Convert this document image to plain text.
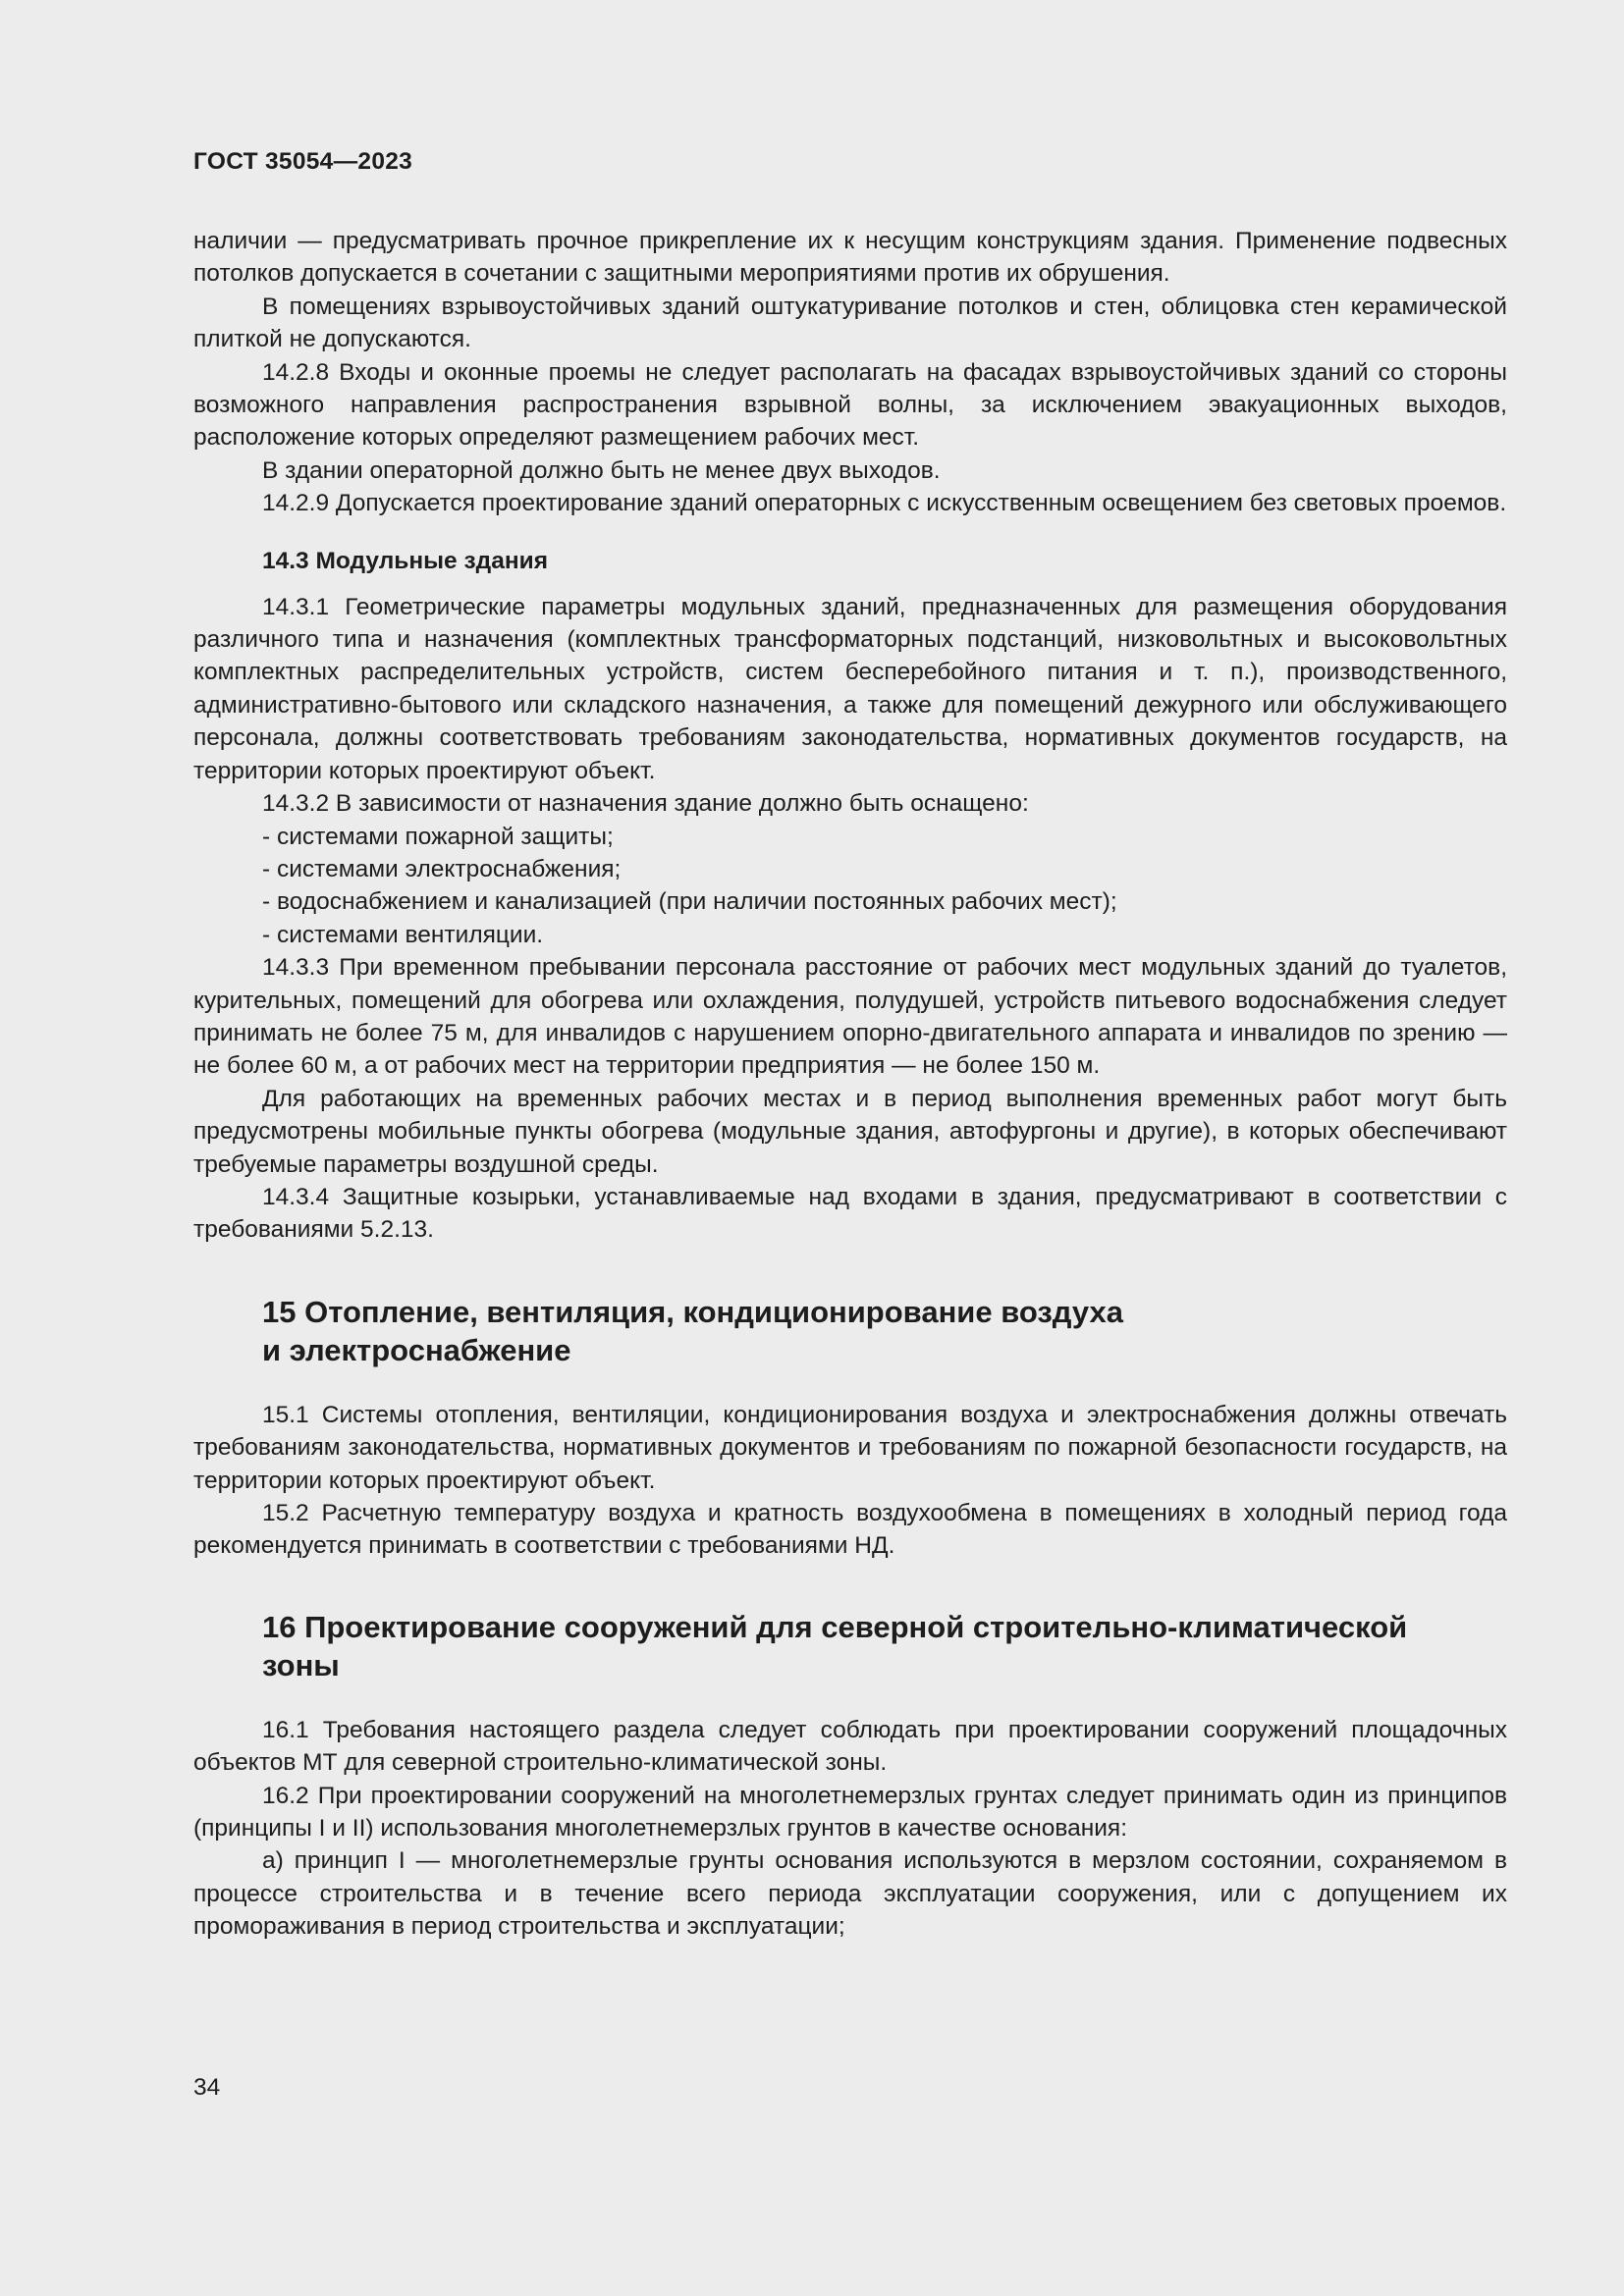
ГОСТ 35054—2023

наличии — предусматривать прочное прикрепление их к несущим конструкциям здания. Применение подвесных потолков допускается в сочетании с защитными мероприятиями против их обрушения.

В помещениях взрывоустойчивых зданий оштукатуривание потолков и стен, облицовка стен керамической плиткой не допускаются.

14.2.8 Входы и оконные проемы не следует располагать на фасадах взрывоустойчивых зданий со стороны возможного направления распространения взрывной волны, за исключением эвакуационных выходов, расположение которых определяют размещением рабочих мест.

В здании операторной должно быть не менее двух выходов.

14.2.9 Допускается проектирование зданий операторных с искусственным освещением без световых проемов.

14.3 Модульные здания

14.3.1 Геометрические параметры модульных зданий, предназначенных для размещения оборудования различного типа и назначения (комплектных трансформаторных подстанций, низковольтных и высоковольтных комплектных распределительных устройств, систем бесперебойного питания и т. п.), производственного, административно-бытового или складского назначения, а также для помещений дежурного или обслуживающего персонала, должны соответствовать требованиям законодательства, нормативных документов государств, на территории которых проектируют объект.

14.3.2 В зависимости от назначения здание должно быть оснащено:

- системами пожарной защиты;

- системами электроснабжения;

- водоснабжением и канализацией (при наличии постоянных рабочих мест);

- системами вентиляции.

14.3.3 При временном пребывании персонала расстояние от рабочих мест модульных зданий до туалетов, курительных, помещений для обогрева или охлаждения, полудушей, устройств питьевого водоснабжения следует принимать не более 75 м, для инвалидов с нарушением опорно-двигательного аппарата и инвалидов по зрению — не более 60 м, а от рабочих мест на территории предприятия — не более 150 м.

Для работающих на временных рабочих местах и в период выполнения временных работ могут быть предусмотрены мобильные пункты обогрева (модульные здания, автофургоны и другие), в которых обеспечивают требуемые параметры воздушной среды.

14.3.4 Защитные козырьки, устанавливаемые над входами в здания, предусматривают в соответствии с требованиями 5.2.13.

15 Отопление, вентиляция, кондиционирование воздуха
и электроснабжение

15.1 Системы отопления, вентиляции, кондиционирования воздуха и электроснабжения должны отвечать требованиям законодательства, нормативных документов и требованиям по пожарной безопасности государств, на территории которых проектируют объект.

15.2 Расчетную температуру воздуха и кратность воздухообмена в помещениях в холодный период года рекомендуется принимать в соответствии с требованиями НД.

16 Проектирование сооружений для северной строительно-климатической
зоны

16.1 Требования настоящего раздела следует соблюдать при проектировании сооружений площадочных объектов МТ для северной строительно-климатической зоны.

16.2 При проектировании сооружений на многолетнемерзлых грунтах следует принимать один из принципов (принципы I и II) использования многолетнемерзлых грунтов в качестве основания:

а) принцип I — многолетнемерзлые грунты основания используются в мерзлом состоянии, сохраняемом в процессе строительства и в течение всего периода эксплуатации сооружения, или с допущением их промораживания в период строительства и эксплуатации;

34
